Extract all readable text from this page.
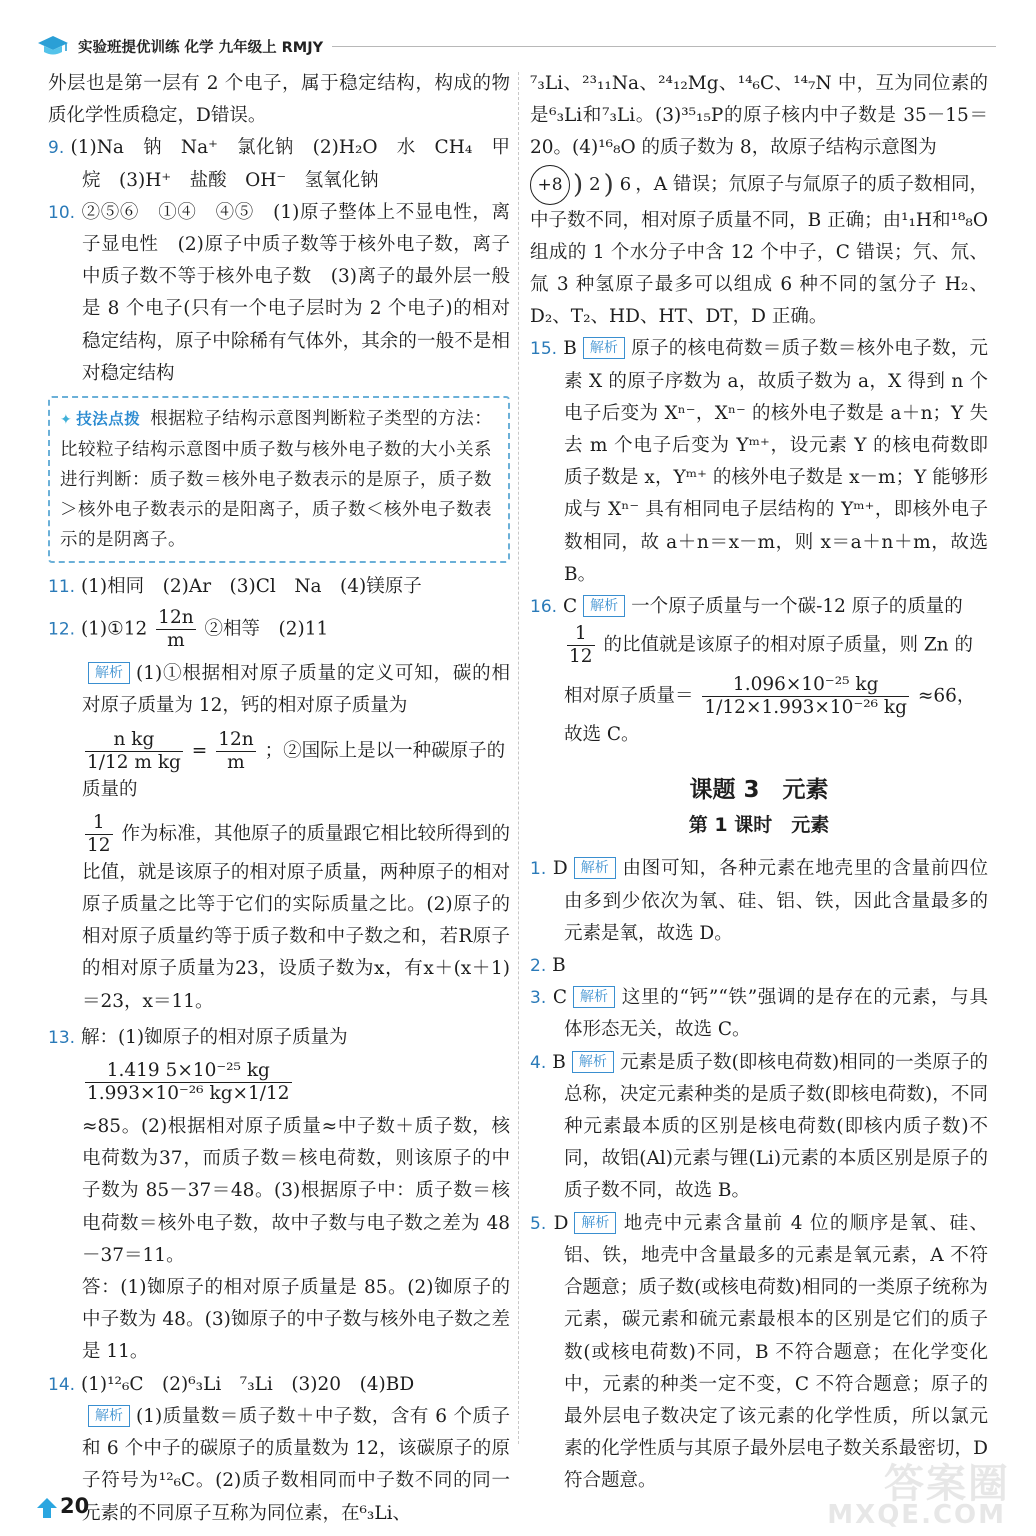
实验班提优训练 化学 九年级上 RMJY

外层也是第一层有 2 个电子，属于稳定结构，构成的物质化学性质稳定，D错误。

9. (1)Na　钠　Na⁺　氯化钠　(2)H₂O　水　CH₄　甲烷　(3)H⁺　盐酸　OH⁻　氢氧化钠

10. ②⑤⑥　①④　④⑤　(1)原子整体上不显电性，离子显电性　(2)原子中质子数等于核外电子数，离子中质子数不等于核外电子数　(3)离子的最外层一般是 8 个电子(只有一个电子层时为 2 个电子)的相对稳定结构，原子中除稀有气体外，其余的一般不是相对稳定结构

✦ 技法点拨 根据粒子结构示意图判断粒子类型的方法：比较粒子结构示意图中质子数与核外电子数的大小关系进行判断：质子数＝核外电子数表示的是原子，质子数＞核外电子数表示的是阳离子，质子数＜核外电子数表示的是阴离子。

11. (1)相同　(2)Ar　(3)Cl　Na　(4)镁原子

12. (1)①12 $\frac{12n}{m}$ ②相等　(2)11

解析 (1)①根据相对原子质量的定义可知，碳的相对原子质量为 12，钙的相对原子质量为

$\frac{\text{n kg}}{\text{1/12 m kg}} = \frac{12n}{m}$ ；②国际上是以一种碳原子的质量的

$\frac{1}{12}$ 作为标准，其他原子的质量跟它相比较所得到的比值，就是该原子的相对原子质量，两种原子的相对原子质量之比等于它们的实际质量之比。(2)原子的相对原子质量约等于质子数和中子数之和，若R原子的相对原子质量为23，设质子数为x，有x＋(x＋1)＝23，x＝11。

13. 解：(1)铷原子的相对原子质量为

$\frac{\text{1.419 5×10⁻²⁵ kg}}{\text{1.993×10⁻²⁶ kg×1/12}}$

≈85。(2)根据相对原子质量≈中子数＋质子数，核电荷数为37，而质子数＝核电荷数，则该原子的中子数为 85－37＝48。(3)根据原子中：质子数＝核电荷数＝核外电子数，故中子数与电子数之差为 48－37＝11。

答：(1)铷原子的相对原子质量是 85。(2)铷原子的中子数为 48。(3)铷原子的中子数与核外电子数之差是 11。

14. (1)¹²₆C　(2)⁶₃Li　⁷₃Li　(3)20　(4)BD

解析 (1)质量数＝质子数＋中子数，含有 6 个质子和 6 个中子的碳原子的质量数为 12，该碳原子的原子符号为¹²₆C。(2)质子数相同而中子数不同的同一元素的不同原子互称为同位素，在⁶₃Li、

⁷₃Li、²³₁₁Na、²⁴₁₂Mg、¹⁴₆C、¹⁴₇N 中，互为同位素的是⁶₃Li和⁷₃Li。(3)³⁵₁₅P的原子核内中子数是 35－15＝20。(4)¹⁶₈O 的质子数为 8，故原子结构示意图为

+8 ) 2 ) 6 ，A 错误；氘原子与氚原子的质子数相同，中子数不同，相对原子质量不同，B 正确；由¹₁H和¹⁸₈O组成的 1 个水分子中含 12 个中子，C 错误；氕、氘、氚 3 种氢原子最多可以组成 6 种不同的氢分子 H₂、D₂、T₂、HD、HT、DT，D 正确。

15. B 解析 原子的核电荷数＝质子数＝核外电子数，元素 X 的原子序数为 a，故质子数为 a，X 得到 n 个电子后变为 Xⁿ⁻，Xⁿ⁻ 的核外电子数是 a＋n；Y 失去 m 个电子后变为 Yᵐ⁺，设元素 Y 的核电荷数即质子数是 x，Yᵐ⁺ 的核外电子数是 x－m；Y 能够形成与 Xⁿ⁻ 具有相同电子层结构的 Yᵐ⁺，即核外电子数相同，故 a＋n＝x－m，则 x＝a＋n＋m，故选 B。

16. C 解析 一个原子质量与一个碳-12 原子的质量的

$\frac{1}{12}$ 的比值就是该原子的相对原子质量，则 Zn 的

相对原子质量＝ $\frac{\text{1.096×10⁻²⁵ kg}}{\text{1/12×1.993×10⁻²⁶ kg}} \approx 66$，故选 C。
课题 3　元素
第 1 课时　元素

1. D 解析 由图可知，各种元素在地壳里的含量前四位由多到少依次为氧、硅、铝、铁，因此含量最多的元素是氧，故选 D。

2. B

3. C 解析 这里的“钙”“铁”强调的是存在的元素，与具体形态无关，故选 C。

4. B 解析 元素是质子数(即核电荷数)相同的一类原子的总称，决定元素种类的是质子数(即核电荷数)，不同种元素最本质的区别是核电荷数(即核内质子数)不同，故铝(Al)元素与锂(Li)元素的本质区别是原子的质子数不同，故选 B。

5. D 解析 地壳中元素含量前 4 位的顺序是氧、硅、铝、铁，地壳中含量最多的元素是氧元素，A 不符合题意；质子数(或核电荷数)相同的一类原子统称为元素，碳元素和硫元素最根本的区别是它们的质子数(或核电荷数)不同，B 不符合题意；在化学变化中，元素的种类一定不变，C 不符合题意；原子的最外层电子数决定了该元素的化学性质，所以氯元素的化学性质与其原子最外层电子数关系最密切，D 符合题意。

20	答案圈
MXQE.COM
